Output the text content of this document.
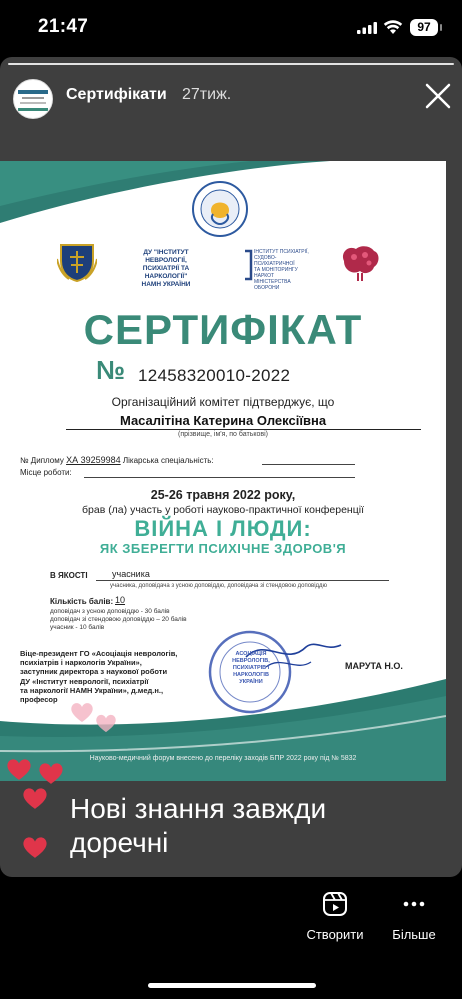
21:47	97
Сертифікати 27тиж.
ДУ "ІНСТИТУТ НЕВРОЛОГІЇ,
ПСИХІАТРІЇ ТА НАРКОЛОГІЇ"
НАМН УКРАЇНИ
ІНСТИТУТ ПСИХІАТРІЇ,
СУДОВО-ПСИХІАТРИЧНОЇ
ТА МОНІТОРИНГУ НАРКОТ
МІНІСТЕРСТВА ОБОРОНИ
СЕРТИФІКАТ
№ 12458320010-2022
Організаційний комітет підтверджує, що
Масалітіна Катерина Олексіївна
(прізвище, ім'я, по батькові)
№ Диплому ХА 39259984 Лікарська спеціальність:
Місце роботи:
25-26 травня 2022 року,
брав (ла) участь у роботі науково-практичної конференції
ВІЙНА І ЛЮДИ:
ЯК ЗБЕРЕГТИ ПСИХІЧНЕ ЗДОРОВ'Я
В ЯКОСТІ	учасника
учасника, доповідача з усною доповіддю, доповідача зі стендовою доповіддю
Кількість балів: 10
доповідач з усною доповіддю - 30 балів
доповідач зі стендовою доповіддю – 20 балів
учасник - 10 балів
Віце-президент ГО «Асоціація неврологів,
психіатрів і наркологів України»,
заступник директора з наукової роботи
ДУ «Інститут неврології, психіатрії
та наркології НАМН України», д.мед.н.,
професор
АСОЦІАЦІЯ
НЕВРОЛОГІВ,
ПСИХІАТРІВ І
НАРКОЛОГІВ
УКРАЇНИ
МАРУТА Н.О.
Науково-медичний форум внесено до переліку заходів БПР 2022 року під № 5832
Нові знання завжди
доречні
Створити	Більше
